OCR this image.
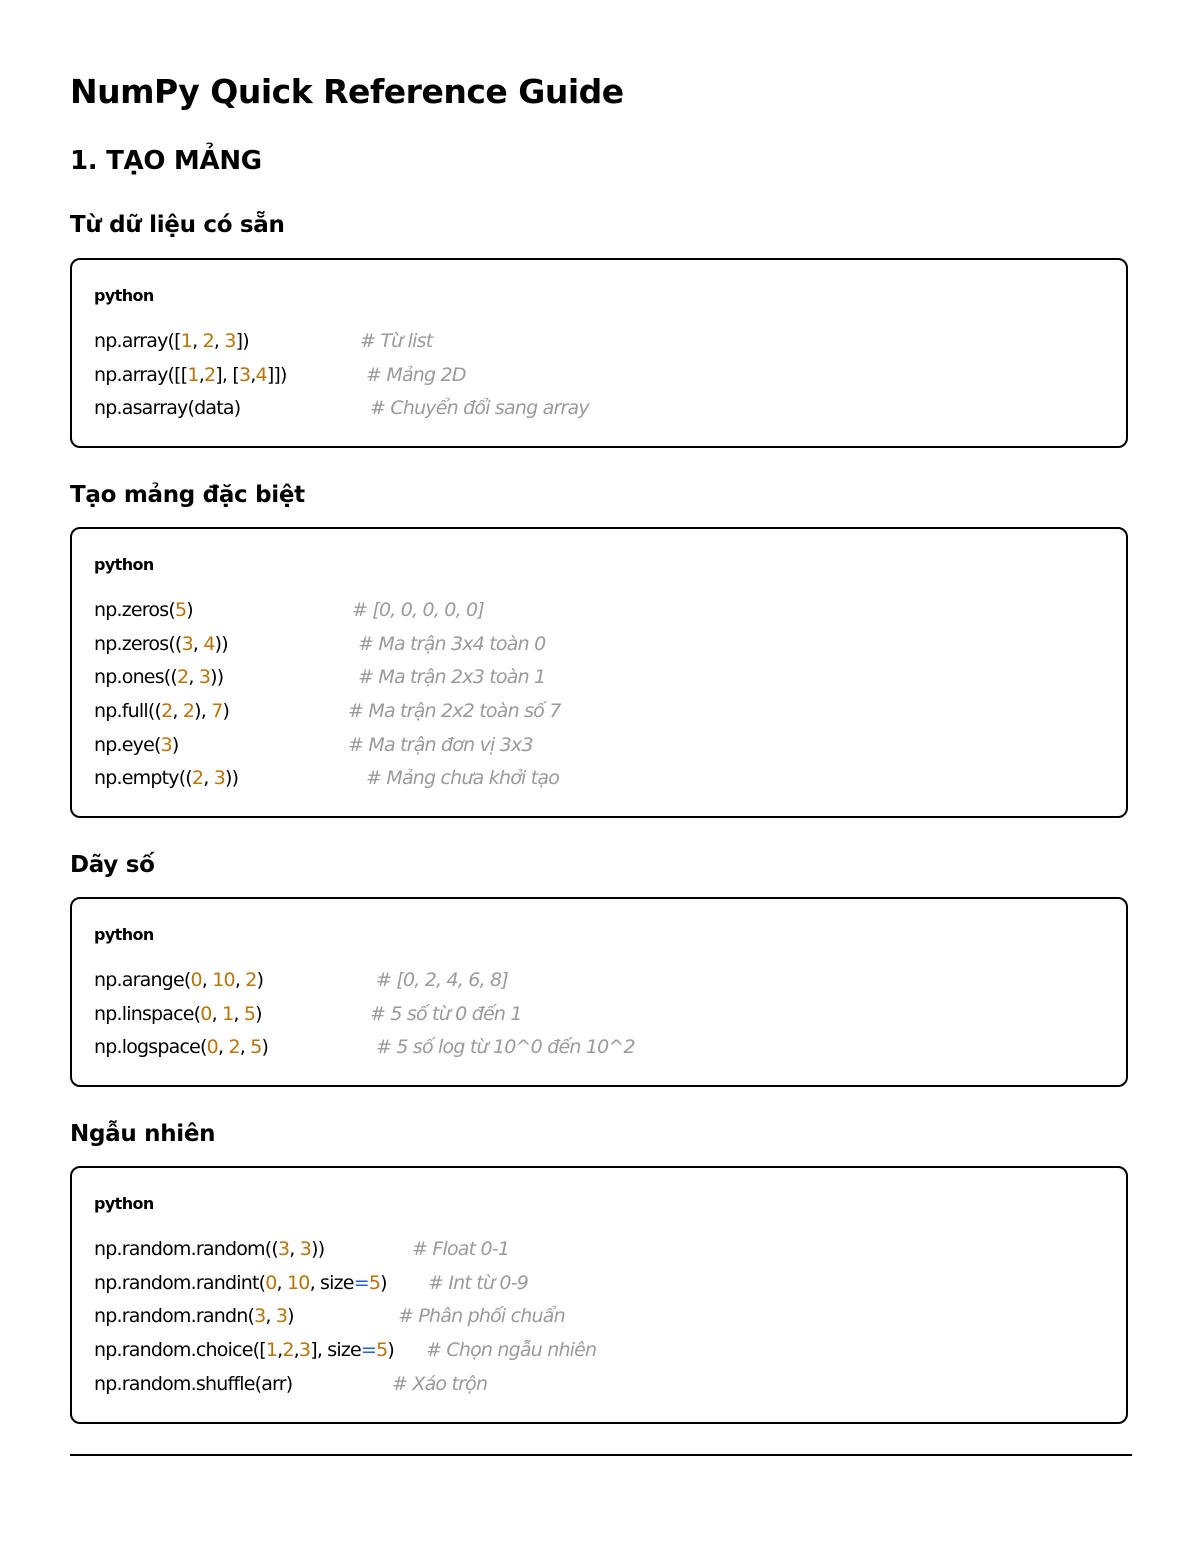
NumPy Quick Reference Guide
1. TẠO MẢNG
Từ dữ liệu có sẵn
python
np.array([1, 2, 3])	# Từ list
np.array([[1,2], [3,4]])	# Mảng 2D
np.asarray(data)	# Chuyển đổi sang array
Tạo mảng đặc biệt
python
np.zeros(5)	# [0, 0, 0, 0, 0]
np.zeros((3, 4))	# Ma trận 3x4 toàn 0
np.ones((2, 3))	# Ma trận 2x3 toàn 1
np.full((2, 2), 7)	# Ma trận 2x2 toàn số 7
np.eye(3)	# Ma trận đơn vị 3x3
np.empty((2, 3))	# Mảng chưa khởi tạo
Dãy số
python
np.arange(0, 10, 2)	# [0, 2, 4, 6, 8]
np.linspace(0, 1, 5)	# 5 số từ 0 đến 1
np.logspace(0, 2, 5)	# 5 số log từ 10^0 đến 10^2
Ngẫu nhiên
python
np.random.random((3, 3))	# Float 0-1
np.random.randint(0, 10, size=5) # Int từ 0-9
np.random.randn(3, 3)	# Phân phối chuẩn
np.random.choice([1,2,3], size=5) # Chọn ngẫu nhiên
np.random.shuffle(arr)	# Xáo trộn
